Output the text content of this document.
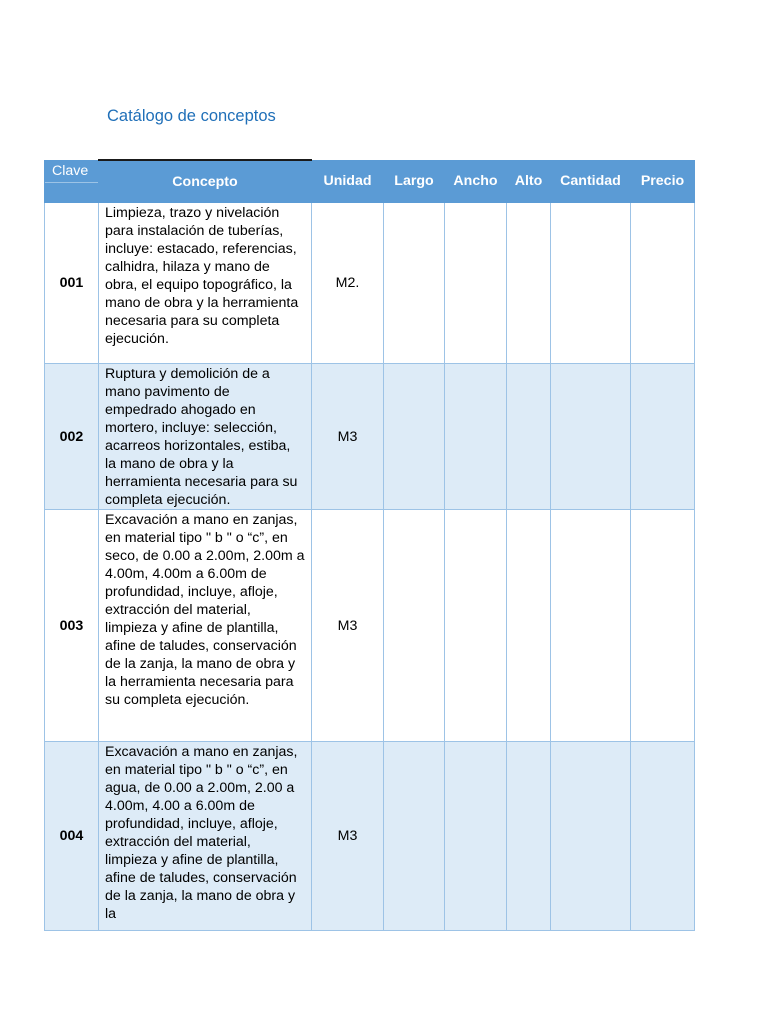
Catálogo de conceptos
Clave	Concepto	Unidad	Largo	Ancho	Alto	Cantidad	Precio
001	Limpieza, trazo y nivelación para instalación de tuberías, incluye: estacado, referencias, calhidra, hilaza y mano de obra, el equipo topográfico, la mano de obra y la herramienta necesaria para su completa ejecución.	M2.					
002	Ruptura y demolición de a mano pavimento de empedrado ahogado en mortero, incluye: selección, acarreos horizontales, estiba, la mano de obra y la herramienta necesaria para su completa ejecución.	M3					
003	Excavación a mano en zanjas, en material tipo " b " o “c”, en seco, de 0.00 a 2.00m, 2.00m a 4.00m, 4.00m a 6.00m de profundidad, incluye, afloje, extracción del material, limpieza y afine de plantilla, afine de taludes, conservación de la zanja, la mano de obra y la herramienta necesaria para su completa ejecución.	M3					
004	Excavación a mano en zanjas, en material tipo " b " o “c”, en agua, de 0.00 a 2.00m, 2.00 a 4.00m, 4.00 a 6.00m de profundidad, incluye, afloje, extracción del material, limpieza y afine de plantilla, afine de taludes, conservación de la zanja, la mano de obra y la	M3					
